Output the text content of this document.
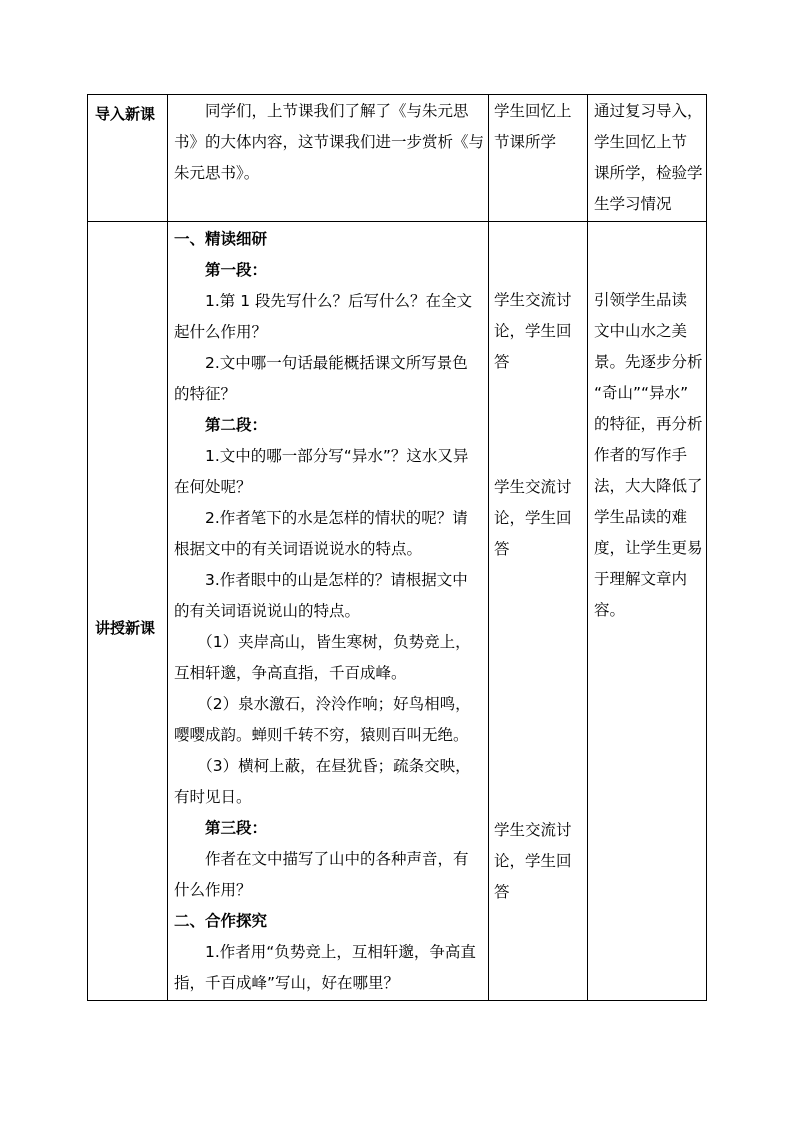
导入新课 　　同学们，上节课我们了解了《与朱元思
书》的大体内容，这节课我们进一步赏析《与
朱元思书》。
学生回忆上
节课所学
通过复习导入，
学生回忆上节
课所学，检验学
生学习情况
讲授新课
一、精读细研
　　第一段：
　　1.第 1 段先写什么？后写什么？在全文
起什么作用？
　　2.文中哪一句话最能概括课文所写景色
的特征？
　　第二段：
　　1.文中的哪一部分写“异水”？这水又异
在何处呢？
　　2.作者笔下的水是怎样的情状的呢？请
根据文中的有关词语说说水的特点。
　　3.作者眼中的山是怎样的？请根据文中
的有关词语说说山的特点。
　　（1）夹岸高山，皆生寒树，负势竞上，
互相轩邈，争高直指，千百成峰。
　　（2）泉水激石，泠泠作响；好鸟相鸣，
嘤嘤成韵。蝉则千转不穷，猿则百叫无绝。
　　（3）横柯上蔽，在昼犹昏；疏条交映，
有时见日。
　　第三段：
　　作者在文中描写了山中的各种声音，有
什么作用？
二、合作探究
　　1.作者用“负势竞上，互相轩邈，争高直
指，千百成峰”写山，好在哪里？
学生交流讨
论，学生回
答
学生交流讨
论，学生回
答
学生交流讨
论，学生回
答
引领学生品读
文中山水之美
景。先逐步分析
“奇山”“异水”
的特征，再分析
作者的写作手
法，大大降低了
学生品读的难
度，让学生更易
于理解文章内
容。
